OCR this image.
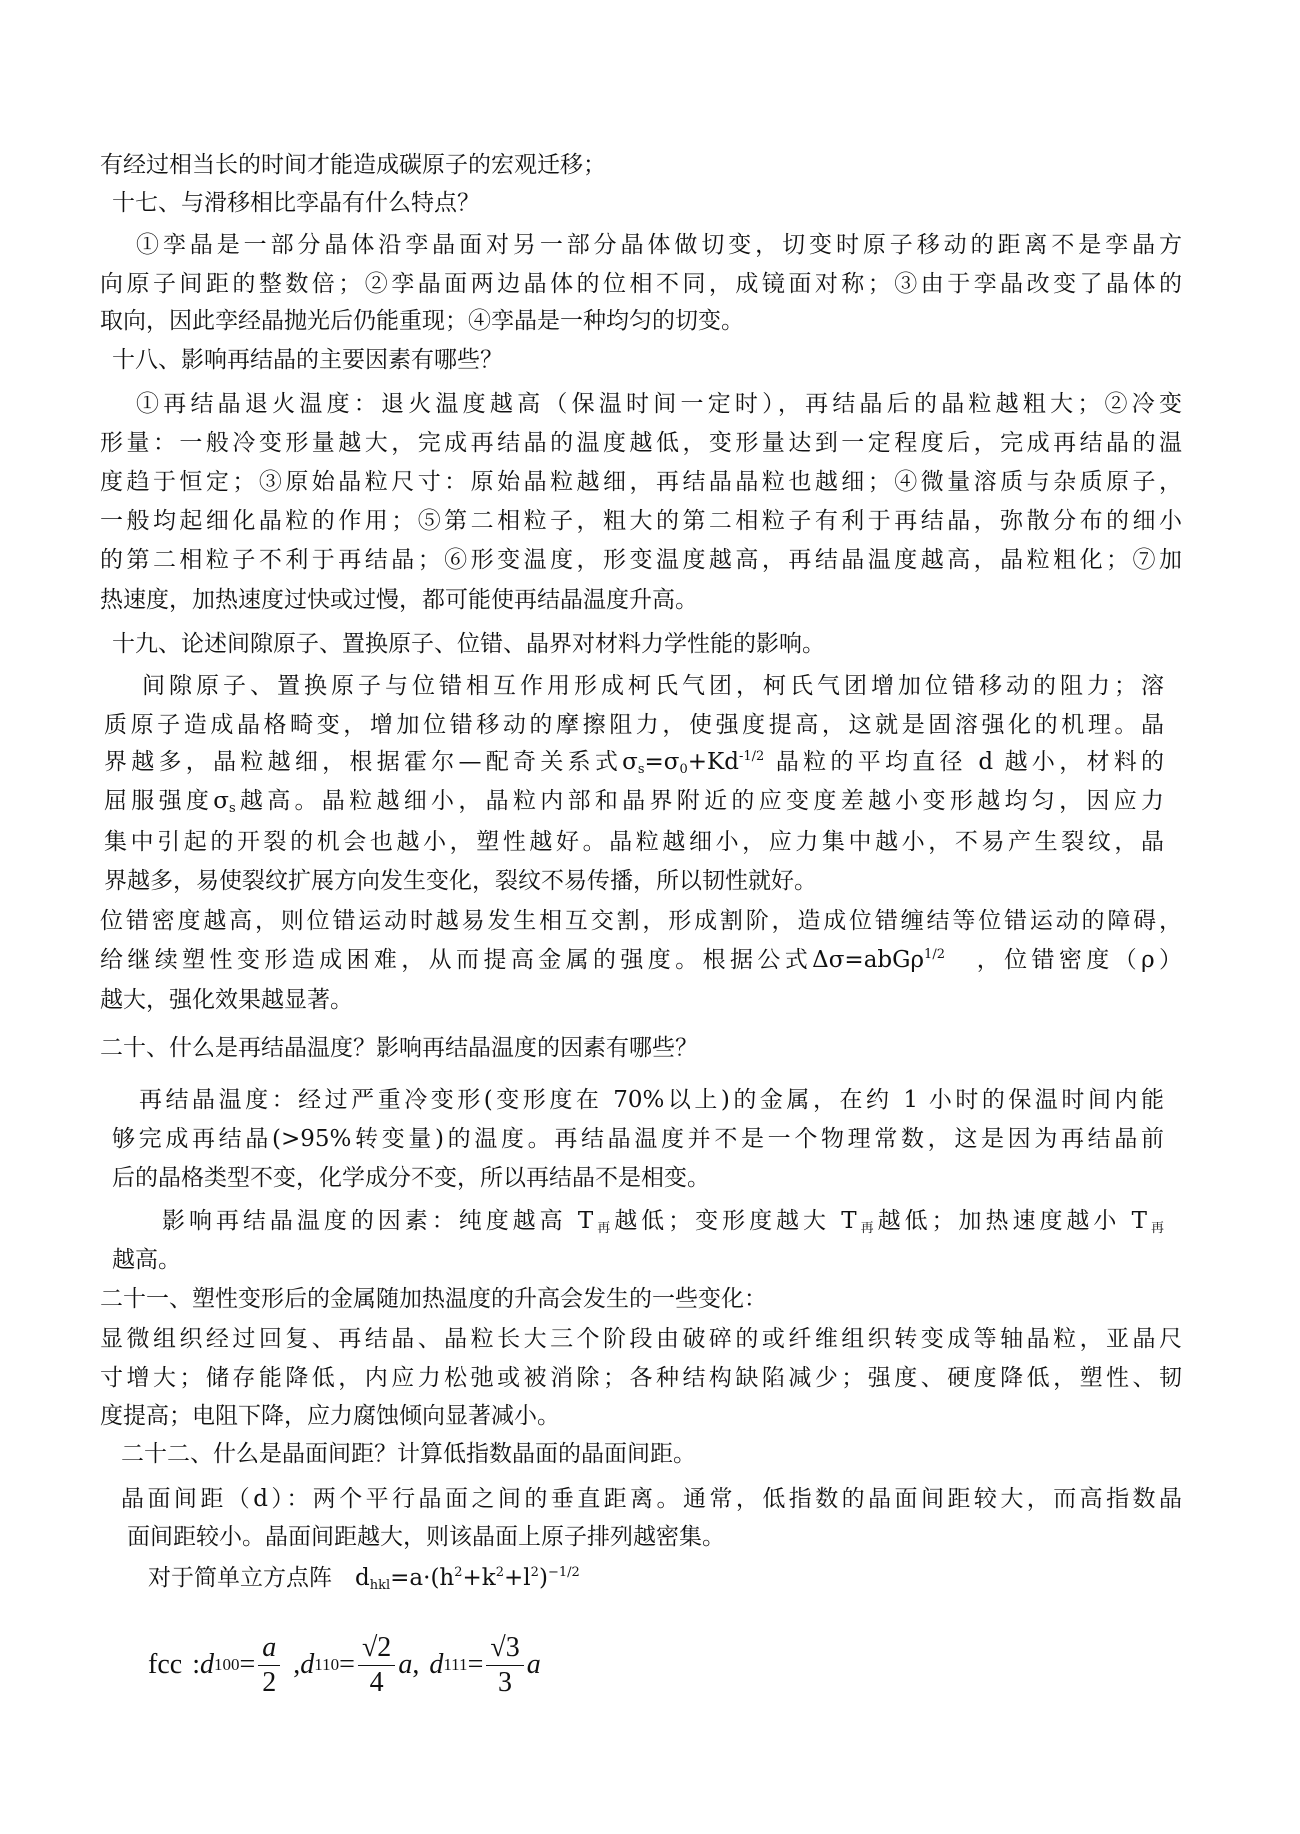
有经过相当长的时间才能造成碳原子的宏观迁移；
十七、与滑移相比孪晶有什么特点？
①孪晶是一部分晶体沿孪晶面对另一部分晶体做切变，切变时原子移动的距离不是孪晶方
向原子间距的整数倍；②孪晶面两边晶体的位相不同，成镜面对称；③由于孪晶改变了晶体的
取向，因此孪经晶抛光后仍能重现；④孪晶是一种均匀的切变。
十八、影响再结晶的主要因素有哪些？
①再结晶退火温度：退火温度越高（保温时间一定时），再结晶后的晶粒越粗大；②冷变
形量：一般冷变形量越大，完成再结晶的温度越低，变形量达到一定程度后，完成再结晶的温
度趋于恒定；③原始晶粒尺寸：原始晶粒越细，再结晶晶粒也越细；④微量溶质与杂质原子，
一般均起细化晶粒的作用；⑤第二相粒子，粗大的第二相粒子有利于再结晶，弥散分布的细小
的第二相粒子不利于再结晶；⑥形变温度，形变温度越高，再结晶温度越高，晶粒粗化；⑦加
热速度，加热速度过快或过慢，都可能使再结晶温度升高。
十九、论述间隙原子、置换原子、位错、晶界对材料力学性能的影响。
间隙原子、置换原子与位错相互作用形成柯氏气团，柯氏气团增加位错移动的阻力；溶
质原子造成晶格畸变，增加位错移动的摩擦阻力，使强度提高，这就是固溶强化的机理。晶
界越多，晶粒越细，根据霍尔—配奇关系式$\sigma_s=\sigma_0+Kd^{-1/2}$ 晶粒的平均直径 d 越小，材料的
屈服强度$\sigma_s$越高。晶粒越细小，晶粒内部和晶界附近的应变度差越小变形越均匀，因应力
集中引起的开裂的机会也越小，塑性越好。晶粒越细小，应力集中越小，不易产生裂纹，晶
界越多，易使裂纹扩展方向发生变化，裂纹不易传播，所以韧性就好。
位错密度越高，则位错运动时越易发生相互交割，形成割阶，造成位错缠结等位错运动的障碍，
给继续塑性变形造成困难，从而提高金属的强度。根据公式Δσ=abGρ$^{1/2}$　，位错密度（ρ）
越大，强化效果越显著。
二十、什么是再结晶温度？影响再结晶温度的因素有哪些？
再结晶温度：经过严重冷变形(变形度在 70%以上)的金属，在约 1 小时的保温时间内能
够完成再结晶(>95%转变量)的温度。再结晶温度并不是一个物理常数，这是因为再结晶前
后的晶格类型不变，化学成分不变，所以再结晶不是相变。
影响再结晶温度的因素：纯度越高 $T_再$越低；变形度越大 $T_再$越低；加热速度越小 $T_再$
越高。
二十一、塑性变形后的金属随加热温度的升高会发生的一些变化：
显微组织经过回复、再结晶、晶粒长大三个阶段由破碎的或纤维组织转变成等轴晶粒，亚晶尺
寸增大；储存能降低，内应力松弛或被消除；各种结构缺陷减少；强度、硬度降低，塑性、韧
度提高；电阻下降，应力腐蚀倾向显著减小。
二十二、什么是晶面间距？计算低指数晶面的晶面间距。
晶面间距（d）：两个平行晶面之间的垂直距离。通常，低指数的晶面间距较大，而高指数晶
面间距较小。晶面间距越大，则该晶面上原子排列越密集。
对于简单立方点阵　$d_{hkl}=a\cdot(h^2+k^2+l^2)^{-1/2}$
fcc : d $100 = \frac{a}{2}$ , d $110 = \frac{√2}{4}$ a , d $111 = \frac{√3}{3}$ a
